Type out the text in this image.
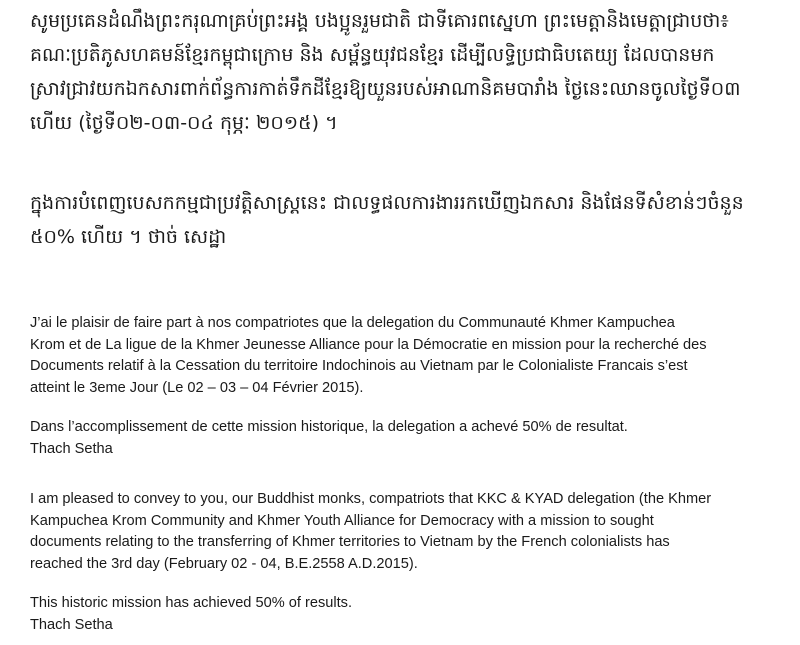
សូមប្រគេនដំណឹងព្រះករុណាគ្រប់ព្រះអង្គ បងប្អូនរួមជាតិ ជាទីគោរពស្នេហា ព្រះមេត្តានិងមេត្តាជ្រាបថា៖
គណៈប្រតិភូសហគមន៍ខ្មែរកម្ពុជាក្រោម និង សម្ព័ន្ធយុវជនខ្មែរ ដើម្បីលទ្ធិប្រជាធិបតេយ្យ ដែលបានមក
ស្រាវជ្រាវយកឯកសារពាក់ព័ន្ធការកាត់ទឹកដីខ្មែរឱ្យយួនរបស់អាណានិគមបារាំង ថ្ងៃនេះឈានចូលថ្ងៃទី០៣
ហើយ (ថ្ងៃទី០២-០៣-០៤ កុម្ភៈ ២០១៥) ។

ក្នុងការបំពេញបេសកកម្មជាប្រវត្តិសាស្ត្រនេះ ជាលទ្ធផលការងាររកឃើញឯកសារ និងផែនទីសំខាន់ៗចំនួន
៥០% ហើយ ។ ថាច់ សេដ្ឋា

J’ai le plaisir de faire part à nos compatriotes que la delegation du Communauté Khmer Kampuchea
Krom et de La ligue de la Khmer Jeunesse Alliance pour la Démocratie en mission pour la recherché des
Documents relatif à la Cessation du territoire Indochinois au Vietnam par le Colonialiste Francais s’est
atteint le 3eme Jour (Le 02 – 03 – 04 Février 2015).

Dans l’accomplissement de cette mission historique, la delegation a achevé 50% de resultat.
Thach Setha

I am pleased to convey to you, our Buddhist monks, compatriots that KKC & KYAD delegation (the Khmer
Kampuchea Krom Community and Khmer Youth Alliance for Democracy with a mission to sought
documents relating to the transferring of Khmer territories to Vietnam by the French colonialists has
reached the 3rd day (February 02 - 04, B.E.2558 A.D.2015).

This historic mission has achieved 50% of results.
Thach Setha
